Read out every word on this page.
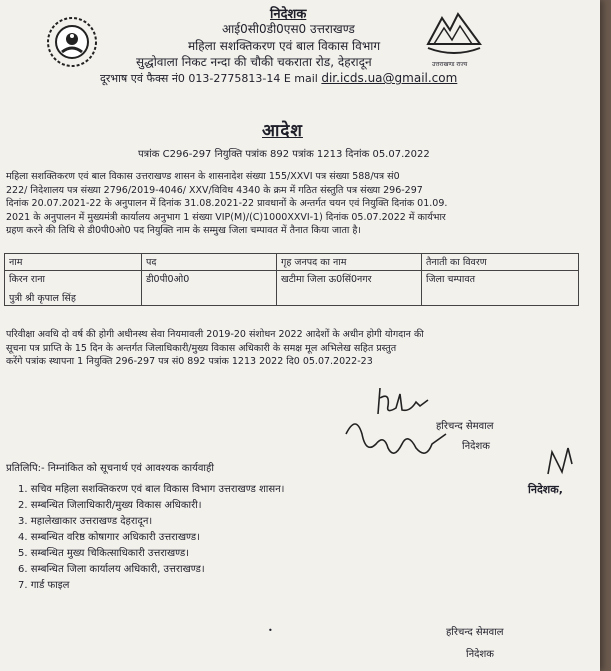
उत्तराखण्ड राज्य
निदेशक
आई0सी0डी0एस0 उत्तराखण्ड
महिला सशक्तिकरण एवं बाल विकास विभाग
सुद्धोवाला निकट नन्दा की चौकी चकराता रोड, देहरादून
दूरभाष एवं फैक्स नं0 013-2775813-14 E mail dir.icds.ua@gmail.com
आदेश
पत्रांक C296-297 नियुक्ति पत्रांक 892 पत्रांक 1213 दिनांक 05.07.2022
महिला सशक्तिकरण एवं बाल विकास उत्तराखण्ड शासन के शासनादेश संख्या 155/XXVI पत्र संख्या 588/पत्र सं0
222/ निदेशालय पत्र संख्या 2796/2019-4046/ XXV/विविध 4340 के क्रम में गठित संस्तुति पत्र संख्या 296-297
दिनांक 20.07.2021-22 के अनुपालन में दिनांक 31.08.2021-22 प्रावधानों के अन्तर्गत चयन एवं नियुक्ति दिनांक 01.09.
2021 के अनुपालन में मुख्यमंत्री कार्यालय अनुभाग 1 संख्या VIP(M)/(C)1000XXVI-1) दिनांक 05.07.2022 में कार्यभार
ग्रहण करने की तिथि से डी0पी0ओ0 पद नियुक्ति नाम के सम्मुख जिला चम्पावत में तैनात किया जाता है।
नाम	पद	गृह जनपद का नाम	तैनाती का विवरण

किरन राना
पुत्री श्री कृपाल सिंह	डी0पी0ओ0	खटीमा जिला ऊ0सिं0नगर	जिला चम्पावत
परिवीक्षा अवधि दो वर्ष की होगी अधीनस्थ सेवा नियमावली 2019-20 संशोधन 2022 आदेशों के अधीन होगी योगदान की
सूचना पत्र प्राप्ति के 15 दिन के अन्तर्गत जिलाधिकारी/मुख्य विकास अधिकारी के समक्ष मूल अभिलेख सहित प्रस्तुत
करेंगे पत्रांक स्थापना 1 नियुक्ति 296-297 पत्र सं0 892 पत्रांक 1213 2022 दि0 05.07.2022-23
हरिचन्द सेमवाल
निदेशक
प्रतिलिपि:- निम्नांकित को सूचनार्थ एवं आवश्यक कार्यवाही
निदेशक,
1. सचिव महिला सशक्तिकरण एवं बाल विकास विभाग उत्तराखण्ड शासन।
2. सम्बन्धित जिलाधिकारी/मुख्य विकास अधिकारी।
3. महालेखाकार उत्तराखण्ड देहरादून।
4. सम्बन्धित वरिष्ठ कोषागार अधिकारी उत्तराखण्ड।
5. सम्बन्धित मुख्य चिकित्साधिकारी उत्तराखण्ड।
6. सम्बन्धित जिला कार्यालय अधिकारी, उत्तराखण्ड।
7. गार्ड फाइल
•	हरिचन्द सेमवाल
निदेशक
